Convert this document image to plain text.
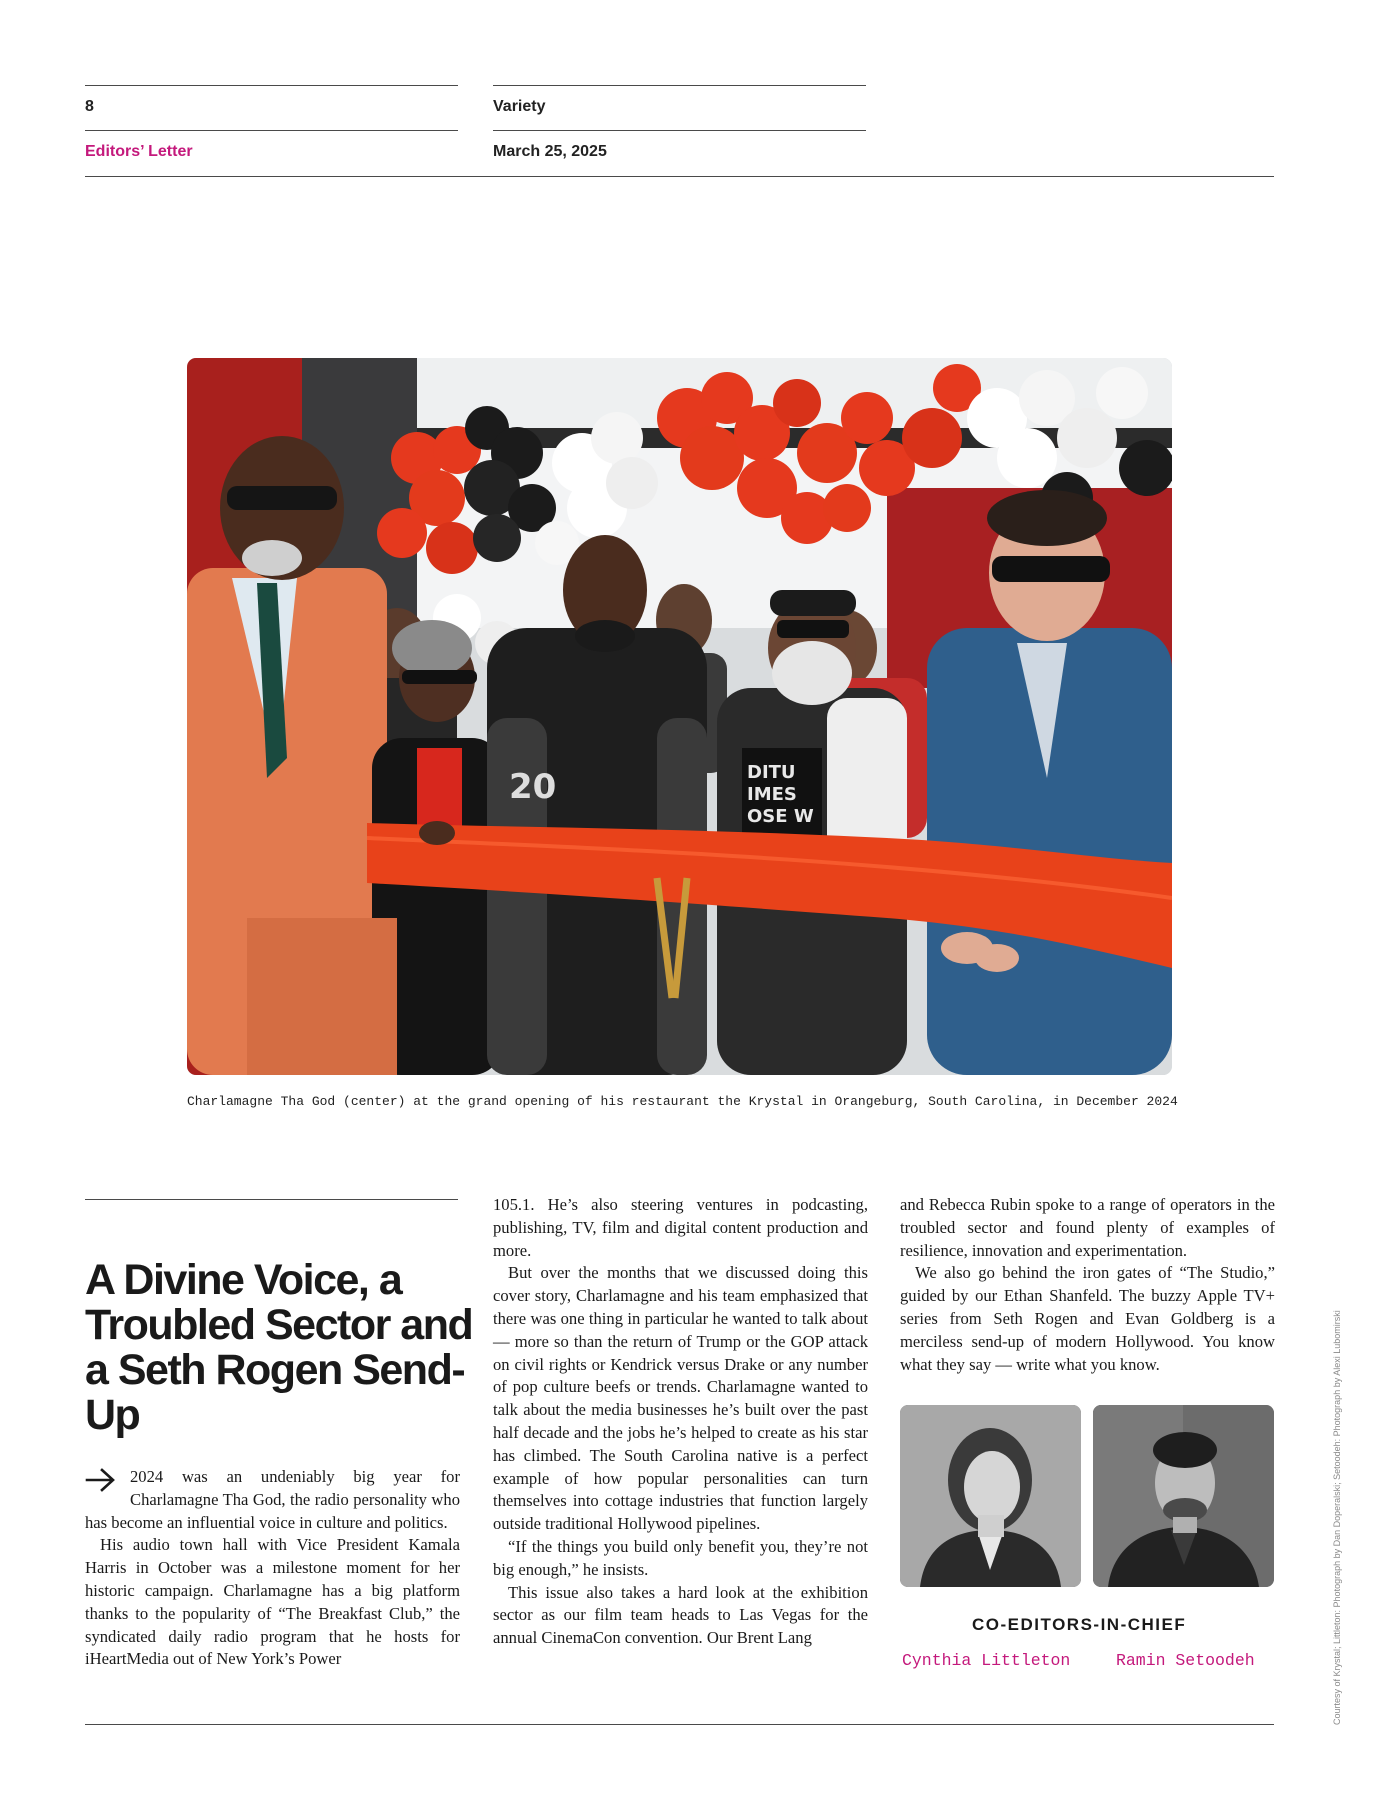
8	Variety
Editors’ Letter	March 25, 2025
20	DITU
IMES
OSE W
Charlamagne Tha God (center) at the grand opening of his restaurant the Krystal in Orangeburg, South Carolina, in December 2024
A Divine Voice, a Troubled Sector and a Seth Rogen Send-Up

2024 was an undeniably big year for Charlamagne Tha God, the radio personality who has become an influential voice in culture and politics.

His audio town hall with Vice President Kamala Harris in October was a milestone moment for her historic campaign. Charlamagne has a big platform thanks to the popularity of “The Breakfast Club,” the syndicated daily radio program that he hosts for iHeartMedia out of New York’s Power

105.1. He’s also steering ventures in podcasting, publishing, TV, film and digital content production and more.

But over the months that we discussed doing this cover story, Charlamagne and his team emphasized that there was one thing in particular he wanted to talk about — more so than the return of Trump or the GOP attack on civil rights or Kendrick versus Drake or any number of pop culture beefs or trends. Charlamagne wanted to talk about the media businesses he’s built over the past half decade and the jobs he’s helped to create as his star has climbed. The South Carolina native is a perfect example of how popular personalities can turn themselves into cottage industries that function largely outside traditional Hollywood pipelines.

“If the things you build only benefit you, they’re not big enough,” he insists.

This issue also takes a hard look at the exhibition sector as our film team heads to Las Vegas for the annual CinemaCon convention. Our Brent Lang

and Rebecca Rubin spoke to a range of operators in the troubled sector and found plenty of examples of resilience, innovation and experimentation.

We also go behind the iron gates of “The Studio,” guided by our Ethan Shanfeld. The buzzy Apple TV+ series from Seth Rogen and Evan Goldberg is a merciless send-up of modern Hollywood. You know what they say — write what you know.

CO-EDITORS-IN-CHIEF
Cynthia Littleton	Ramin Setoodeh	Courtesy of Krystal; Littleton: Photograph by Dan Doperalski; Setoodeh: Photograph by Alexi Lubomirski
